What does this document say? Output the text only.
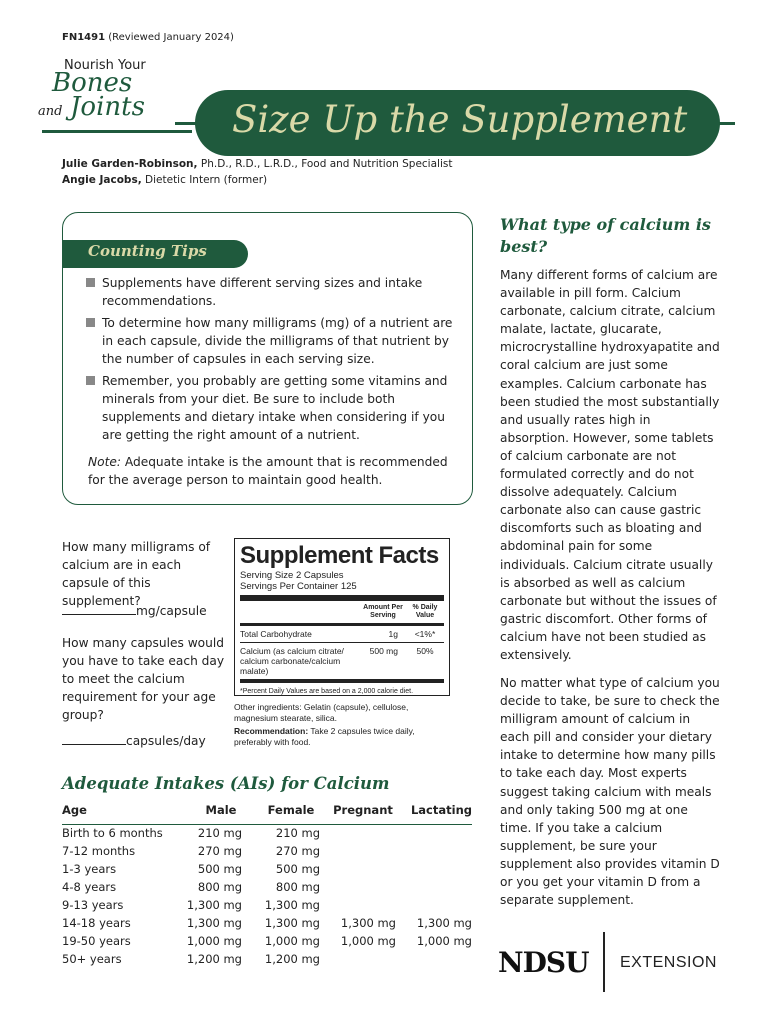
FN1491 (Reviewed January 2024)
Nourish Your
Bones
and Joints Size Up the Supplement
Julie Garden-Robinson, Ph.D., R.D., L.R.D., Food and Nutrition Specialist
Angie Jacobs, Dietetic Intern (former)
Counting Tips
Supplements have different serving sizes and intake recommendations.
To determine how many milligrams (mg) of a nutrient are in each capsule, divide the milligrams of that nutrient by the number of capsules in each serving size.
Remember, you probably are getting some vitamins and minerals from your diet. Be sure to include both supplements and dietary intake when considering if you are getting the right amount of a nutrient.
Note: Adequate intake is the amount that is recommended for the average person to maintain good health.

How many milligrams of calcium are in each capsule of this supplement?

mg/capsule

How many capsules would you have to take each day to meet the calcium requirement for your age group?

capsules/day

Supplement Facts
Serving Size 2 Capsules
Servings Per Container 125
Amount Per Serving
% Daily Value
Total Carbohydrate	1g	<1%*
Calcium (as calcium citrate/ calcium carbonate/calcium malate)
500 mg	50%
*Percent Daily Values are based on a 2,000 calorie diet.
Other ingredients: Gelatin (capsule), cellulose, magnesium stearate, silica.
Recommendation: Take 2 capsules twice daily, preferably with food.
Adequate Intakes (AIs) for Calcium
Age	Male	Female	Pregnant	Lactating
Birth to 6 months	210 mg	210 mg		
7-12 months	270 mg	270 mg		
1-3 years	500 mg	500 mg		
4-8 years	800 mg	800 mg		
9-13 years	1,300 mg	1,300 mg		
14-18 years	1,300 mg	1,300 mg	1,300 mg	1,300 mg
19-50 years	1,000 mg	1,000 mg	1,000 mg	1,000 mg
50+ years	1,200 mg	1,200 mg		
What type of calcium is best?

Many different forms of calcium are available in pill form. Calcium carbonate, calcium citrate, calcium malate, lactate, glucarate, microcrystalline hydroxyapatite and coral calcium are just some examples. Calcium carbonate has been studied the most substantially and usually rates high in absorption. However, some tablets of calcium carbonate are not formulated correctly and do not dissolve adequately. Calcium carbonate also can cause gastric discomforts such as bloating and abdominal pain for some individuals. Calcium citrate usually is absorbed as well as calcium carbonate but without the issues of gastric discomfort. Other forms of calcium have not been studied as extensively.

No matter what type of calcium you decide to take, be sure to check the milligram amount of calcium in each pill and consider your dietary intake to determine how many pills to take each day. Most experts suggest taking calcium with meals and only taking 500 mg at one time. If you take a calcium supplement, be sure your supplement also provides vitamin D or you get your vitamin D from a separate supplement.

NDSU EXTENSION
